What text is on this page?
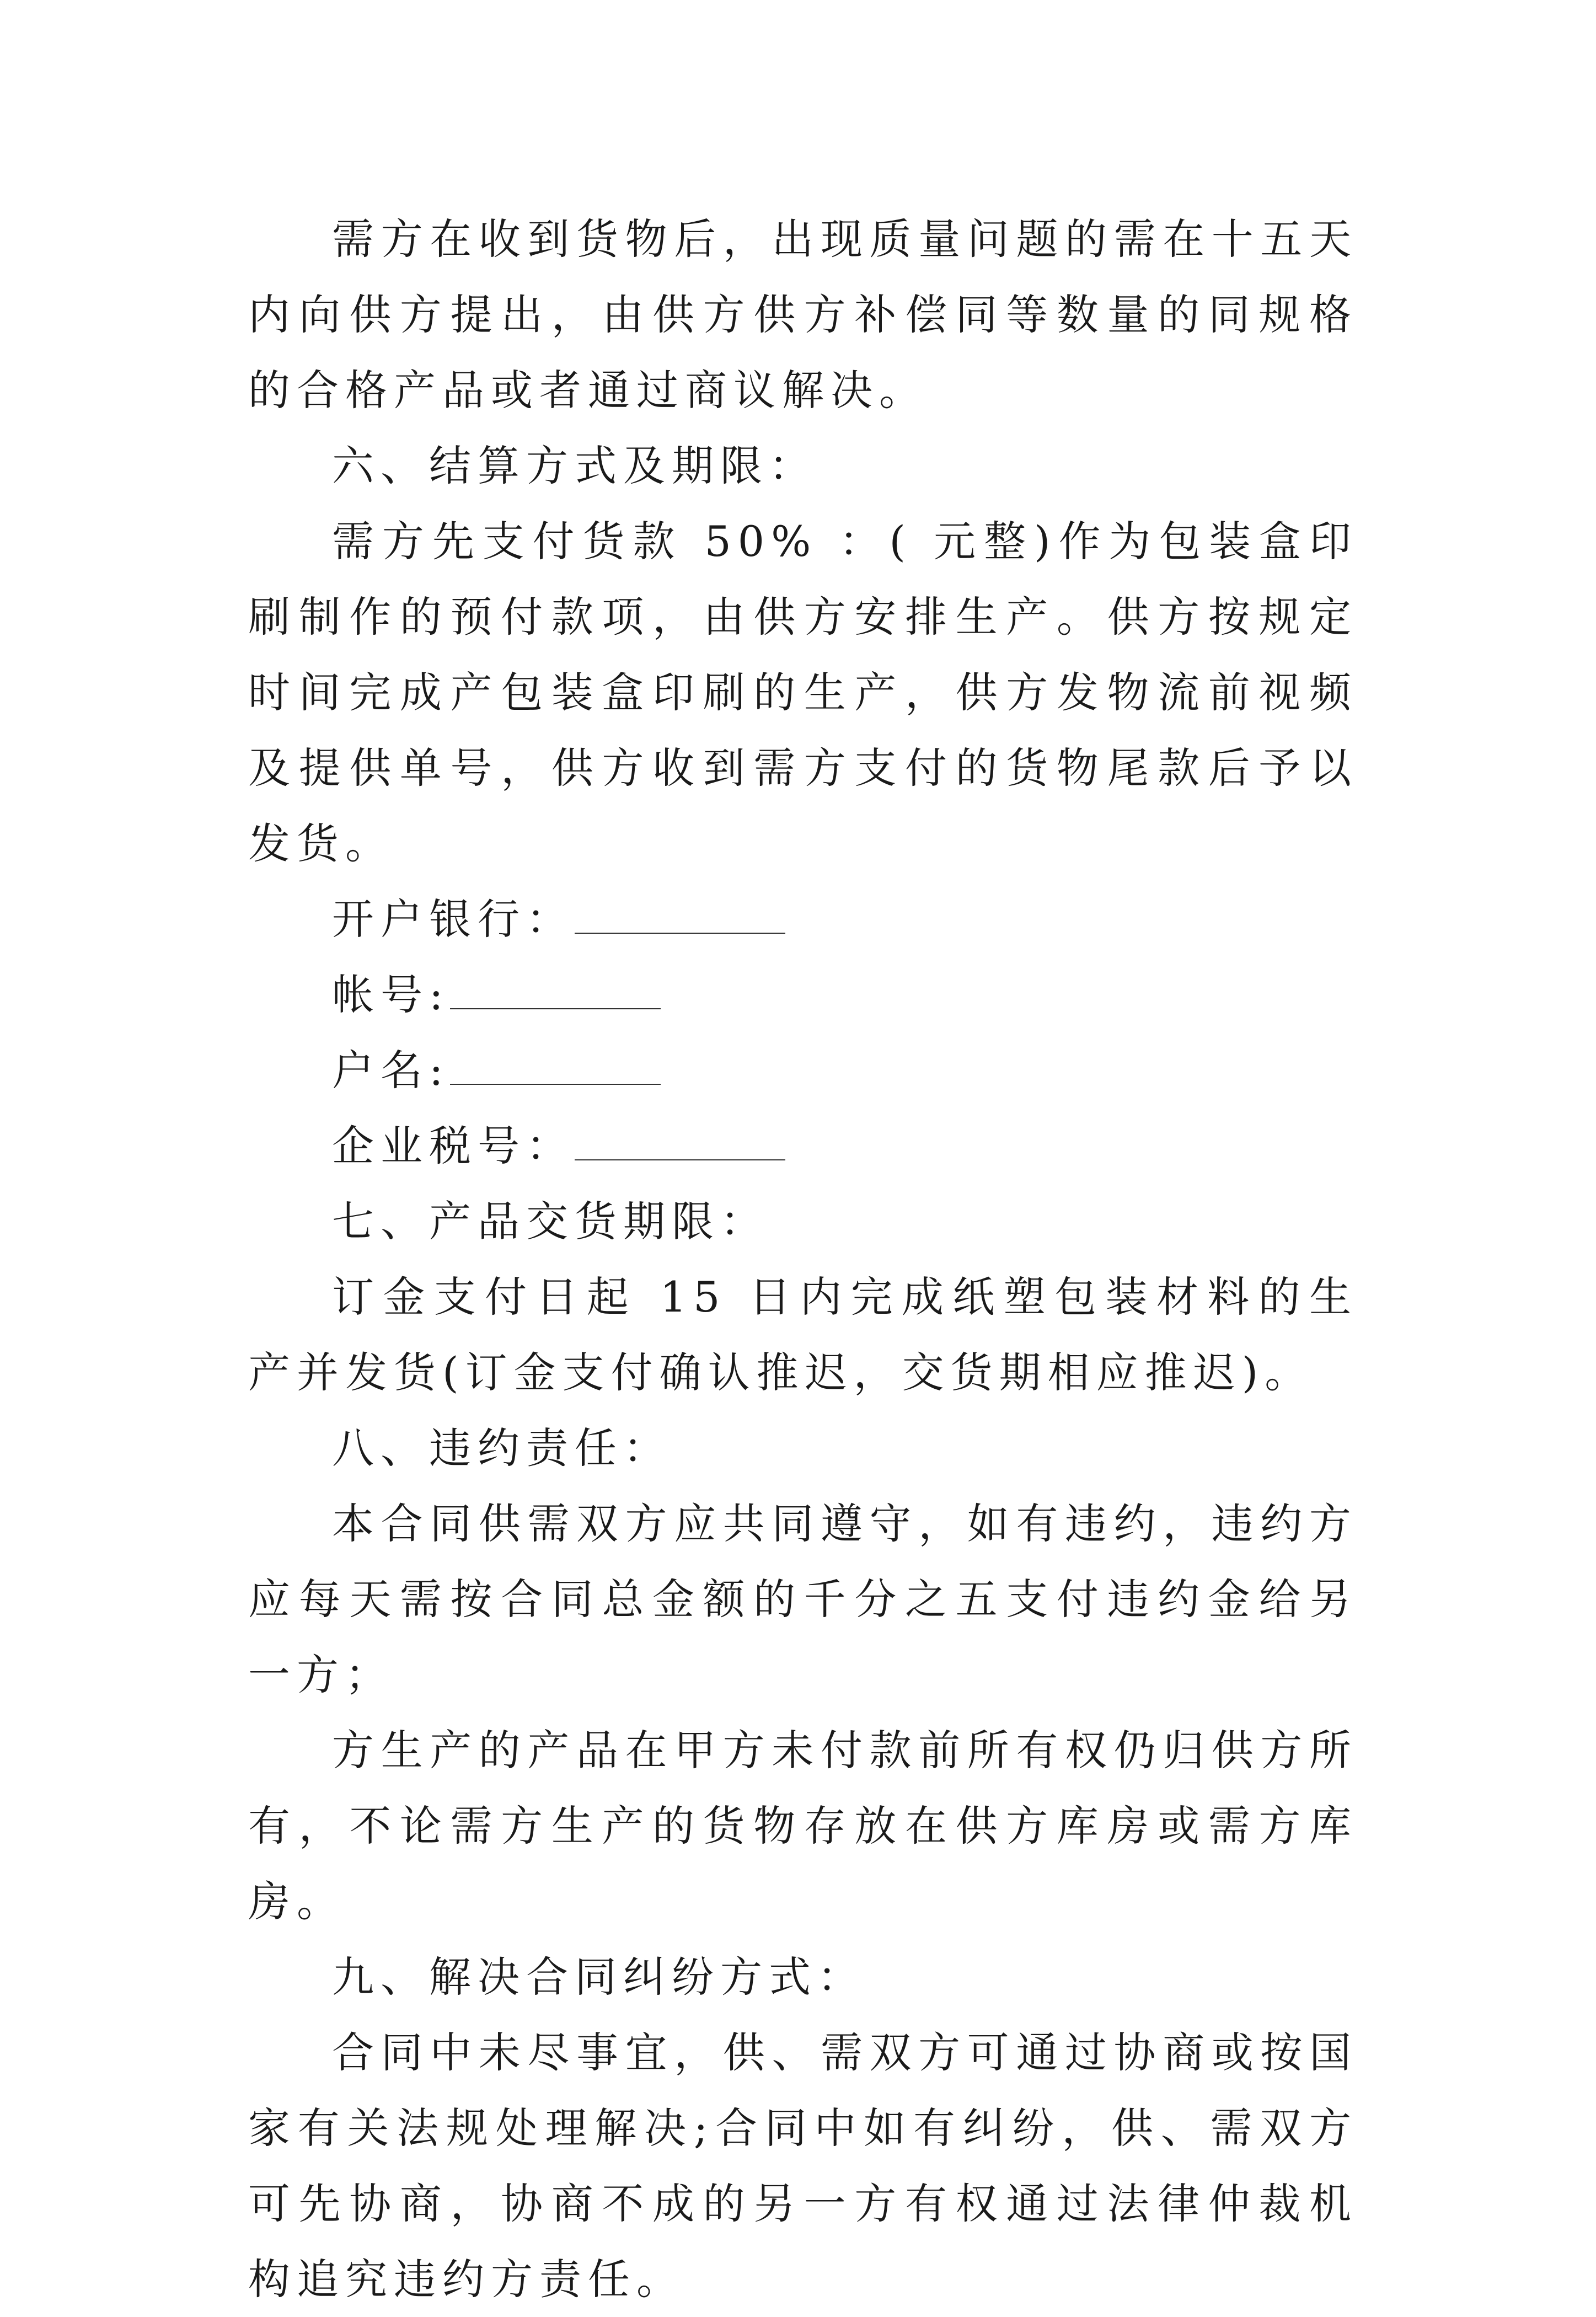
需方在收到货物后，出现质量问题的需在十五天内向供方提出，由供方供方补偿同等数量的同规格的合格产品或者通过商议解决。

六、结算方式及期限：

需方先支付货款 50% ：( 元整)作为包装盒印刷制作的预付款项，由供方安排生产。供方按规定时间完成产包装盒印刷的生产，供方发物流前视频及提供单号，供方收到需方支付的货物尾款后予以发货。

开户银行：

帐号:

户名:

企业税号：

七、产品交货期限：

订金支付日起 15 日内完成纸塑包装材料的生产并发货(订金支付确认推迟，交货期相应推迟)。

八、违约责任：

本合同供需双方应共同遵守，如有违约，违约方应每天需按合同总金额的千分之五支付违约金给另一方；

方生产的产品在甲方未付款前所有权仍归供方所有，不论需方生产的货物存放在供方库房或需方库房。

九、解决合同纠纷方式：

合同中未尽事宜，供、需双方可通过协商或按国家有关法规处理解决;合同中如有纠纷，供、需双方可先协商，协商不成的另一方有权通过法律仲裁机构追究违约方责任。
